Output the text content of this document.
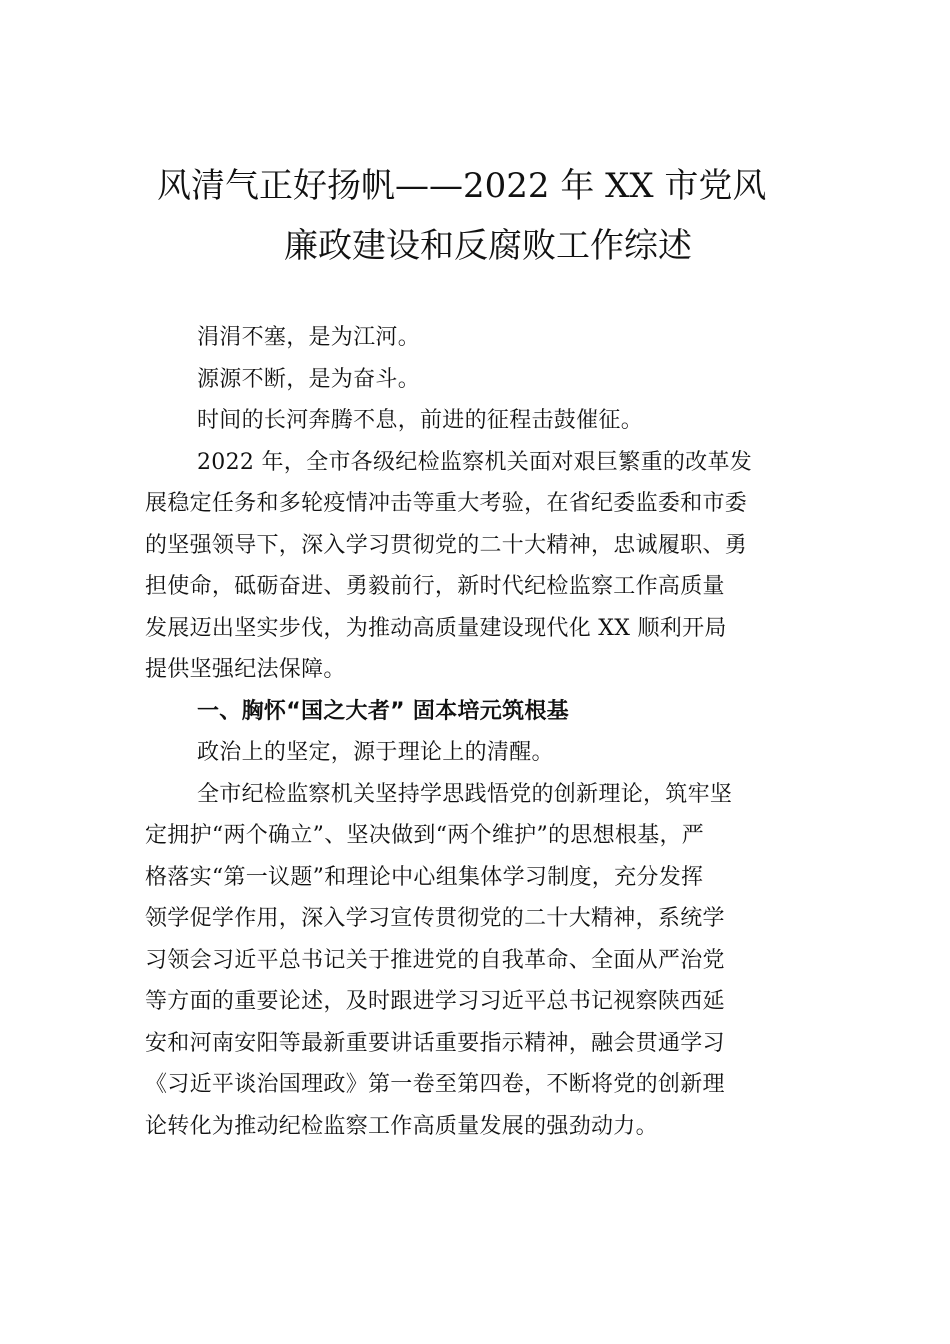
风清气正好扬帆——2022 年 XX 市党风
廉政建设和反腐败工作综述
涓涓不塞，是为江河。
源源不断，是为奋斗。
时间的长河奔腾不息，前进的征程击鼓催征。
2022 年，全市各级纪检监察机关面对艰巨繁重的改革发
展稳定任务和多轮疫情冲击等重大考验，在省纪委监委和市委
的坚强领导下，深入学习贯彻党的二十大精神，忠诚履职、勇
担使命，砥砺奋进、勇毅前行，新时代纪检监察工作高质量
发展迈出坚实步伐，为推动高质量建设现代化 XX 顺利开局
提供坚强纪法保障。
一、胸怀“国之大者” 固本培元筑根基
政治上的坚定，源于理论上的清醒。
全市纪检监察机关坚持学思践悟党的创新理论，筑牢坚
定拥护“两个确立”、坚决做到“两个维护”的思想根基，严
格落实“第一议题”和理论中心组集体学习制度，充分发挥
领学促学作用，深入学习宣传贯彻党的二十大精神，系统学
习领会习近平总书记关于推进党的自我革命、全面从严治党
等方面的重要论述，及时跟进学习习近平总书记视察陕西延
安和河南安阳等最新重要讲话重要指示精神，融会贯通学习
《习近平谈治国理政》第一卷至第四卷，不断将党的创新理
论转化为推动纪检监察工作高质量发展的强劲动力。
